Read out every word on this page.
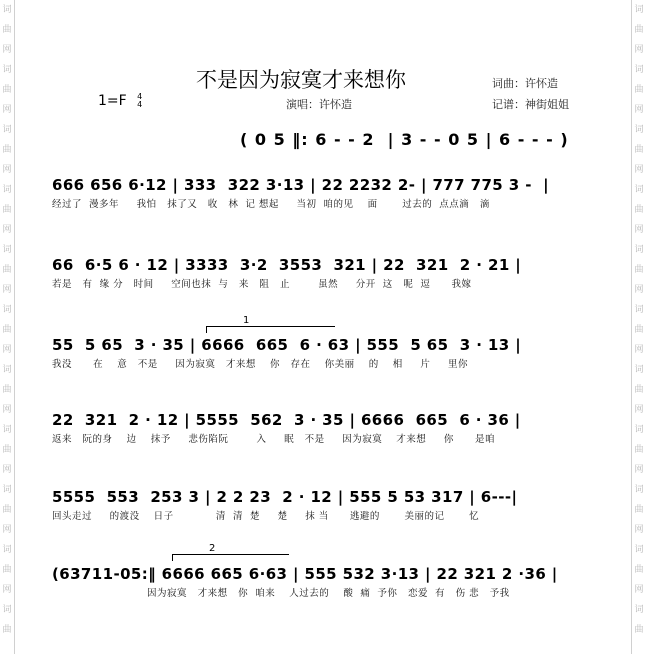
词
曲
网
词
曲
网
词
曲
网
词
曲
网
词
曲
网
词
曲
网
词
曲
网
词
曲
网
词
曲
网
词
曲
网
词
曲
词
曲
网
词
曲
网
词
曲
网
词
曲
网
词
曲
网
词
曲
网
词
曲
网
词
曲
网
词
曲
网
词
曲
网
词
曲
不是因为寂寞才来想你
1=F 4
4	演唱：许怀造
词曲：许怀造
记谱：神街姐姐
( 0 5 ‖: 6 - - 2  | 3 - - 0 5 | 6 - - - )
666 656 6·12 | 333  322 3·13 | 22 2232 2- | 777 775 3 -  |
经过了  漫多年     我怕   抹了又   收   林  记 想起     当初  咱的见    面       过去的  点点滴   滴
66  6·5 6 · 12 | 3333  3·2  3553  321 | 22  321  2 · 21 |
若是   有  缘 分   时间     空间也抹  与   来   阻   止        虽然     分开  这   呢  逗      我嫁
1
55  5 65  3 · 35 | 6666  665  6 · 63 | 555  5 65  3 · 13 |
我没      在    意   不是     因为寂寞   才来想    你   存在    你美丽    的    相     片     里你
22  321  2 · 12 | 5555  562  3 · 35 | 6666  665  6 · 36 |
返来   阮的身    边    抹予     悲伤陷阮        入     眠   不是     因为寂寞    才来想     你      是咱
5555  553  253 3 | 2 2 23  2 · 12 | 555 5 53 317 | 6---|
回头走过     的渡没    日子            清  清  楚     楚     抹 当      逃避的       美丽的记       忆
2
(63711-05:‖ 6666 665 6·63 | 555 532 3·13 | 22 321 2 ·36 |
因为寂寞   才来想   你  咱来    人过去的    酸  痛  予你   恋爱  有   伤 悲   予我
